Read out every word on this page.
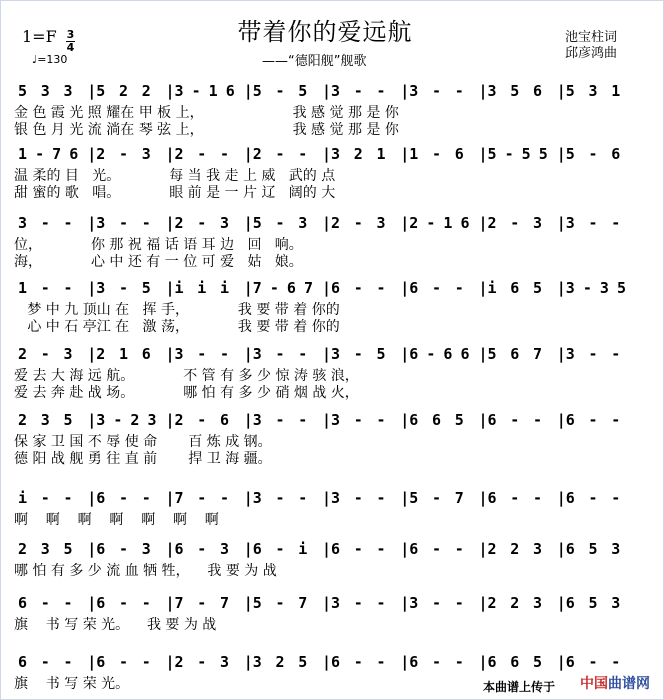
1=F 3
4
♩=130
带着你的爱远航
——“德阳舰”舰歌
池宝柱词
邱彦鸿曲
5 3 3 | 5 2 2 | 3 - 1 6 | 5 - 5 | 3 - - | 3 - - | 3 5 6 | 5 3 1
金 色 霞 光 照 耀在 甲 板 上，                    我 感 觉 那 是 你
银 色 月 光 流 淌在 琴 弦 上，                    我 感 觉 那 是 你
1 - 7 6 | 2 - 3 | 2 - - | 2 - - | 3 2 1 | 1 - 6 | 5 - 5 5 | 5 - 6
温 柔的 目   光。           每 当 我 走 上 威   武的 点
甜 蜜的 歌   唱。           眼 前 是 一 片 辽   阔的 大
3 - - | 3 - - | 2 - 3 | 5 - 3 | 2 - 3 | 2 - 1 6 | 2 - 3 | 3 - -
位，           你 那 祝 福 话 语 耳 边   回   响。
海，           心 中 还 有 一 位 可 爱   姑   娘。
1 - - | 3 - 5 | i i i | 7 - 6 7 | 6 - - | 6 - - | i 6 5 | 3 - 3 5
梦 中 九 顶山 在   挥 手，           我 要 带 着 你的
心 中 石 亭江 在   激 荡，           我 要 带 着 你的
2 - 3 | 2 1 6 | 3 - - | 3 - - | 3 - 5 | 6 - 6 6 | 5 6 7 | 3 - -
爱 去 大 海 远 航。           不 管 有 多 少 惊 涛 骇 浪，
爱 去 奔 赴 战 场。           哪 怕 有 多 少 硝 烟 战 火，
2 3 5 | 3 - 2 3 | 2 - 6 | 3 - - | 3 - - | 6 6 5 | 6 - - | 6 - -
保 家 卫 国 不 辱 使 命       百 炼 成 钢。
德 阳 战 舰 勇 往 直 前       捍 卫 海 疆。
i - - | 6 - - | 7 - - | 3 - - | 3 - - | 5 - 7 | 6 - - | 6 - -
啊    啊    啊    啊    啊    啊    啊
2 3 5 | 6 - 3 | 6 - 3 | 6 - i | 6 - - | 6 - - | 2 2 3 | 6 5 3
哪 怕 有 多 少 流 血 牺 牲，    我 要 为 战
6 - - | 6 - - | 7 - 7 | 5 - 7 | 3 - - | 3 - - | 2 2 3 | 6 5 3
旗    书 写 荣 光。    我 要 为 战
6 - - | 6 - - | 2 - 3 | 3 2 5 | 6 - - | 6 - - | 6 6 5 | 6 - -
旗    书 写 荣 光。	本曲谱上传于 中国曲谱网
